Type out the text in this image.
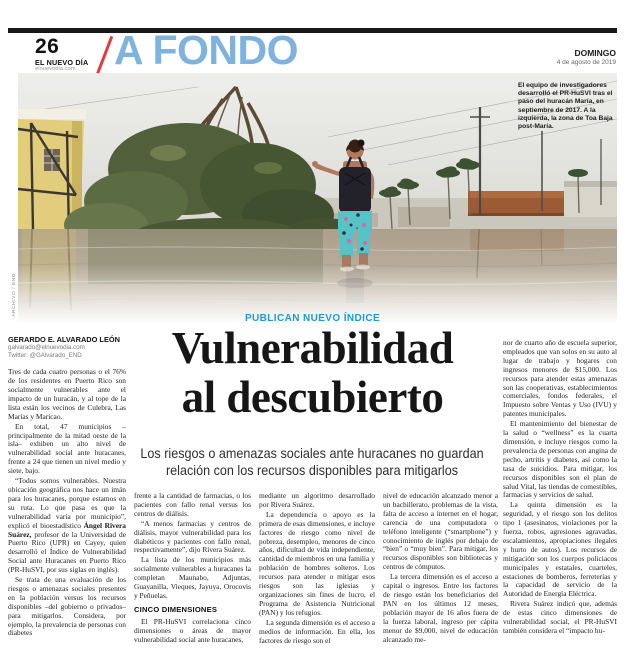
26
EL NUEVO DÍA
elnuevodia.com A FONDO	DOMINGO
4 de agosto de 2019
El equipo de investigadores desarrolló el PR-HuSVI tras el paso del huracán María, en septiembre de 2017. A la izquierda, la zona de Toa Baja post-María.
ARCHIVO / END
PUBLICAN NUEVO ÍNDICE
Vulnerabilidad
al descubierto
Los riesgos o amenazas sociales ante huracanes no guardan relación con los recursos disponibles para mitigarlos
GERARDO E. ALVARADO LEÓN
galvarado@elnuevodia.com
Twitter: @GAlvarado_END

Tres de cada cuatro personas o el 76% de los residentes en Puerto Rico son socialmente vulnerables ante el impacto de un huracán, y al tope de la lista están los vecinos de Culebra, Las Marías y Maricao.

En total, 47 municipios –principalmente de la mitad oeste de la isla– exhiben un alto nivel de vulnerabilidad social ante huracanes, frente a 24 que tienen un nivel medio y siete, bajo.

“Todos somos vulnerables. Nuestra ubicación geográfica nos hace un imán para los huracanes, porque estamos en su ruta. Lo que pasa es que la vulnerabilidad varía por municipio”, explicó el bioestadístico Ángel Rivera Suárez, profesor de la Universidad de Puerto Rico (UPR) en Cayey, quien desarrolló el Índice de Vulnerabilidad Social ante Huracanes en Puerto Rico (PR-HuSVI, por sus siglas en inglés).

Se trata de una evaluación de los riesgos o amenazas sociales presentes en la población versus los recursos disponibles –del gobierno o privados– para mitigarlos. Considera, por ejemplo, la prevalencia de personas con diabetes

frente a la cantidad de farmacias, o los pacientes con fallo renal versus los centros de diálisis.

“A menos farmacias y centros de diálisis, mayor vulnerabilidad para los diabéticos y pacientes con fallo renal, respectivamente”, dijo Rivera Suárez.

La lista de los municipios más socialmente vulnerables a huracanes la completan Maunabo, Adjuntas, Guayanilla, Vieques, Jayuya, Orocovis y Peñuelas.

CINCO DIMENSIONES

El PR-HuSVI correlaciona cinco dimensiones o áreas de mayor vulnerabilidad social ante huracanes,

mediante un algoritmo desarrollado por Rivera Suárez.

La dependencia o apoyo es la primera de esas dimensiones, e incluye factores de riesgo como nivel de pobreza, desempleo, menores de cinco años, dificultad de vida independiente, cantidad de miembros en una familia y población de hombres solteros. Los recursos para atender o mitigar esos riesgos son las iglesias y organizaciones sin fines de lucro, el Programa de Asistencia Nutricional (PAN) y los refugios.

La segunda dimensión es el acceso a medios de información. En ella, los factores de riesgo son el

nivel de educación alcanzado menor a un bachillerato, problemas de la vista, falta de acceso a internet en el hogar, carencia de una computadora o teléfono inteligente (“smartphone”) y conocimiento de inglés por debajo de “bien” o “muy bien”. Para mitigar, los recursos disponibles son bibliotecas y centros de cómputos.

La tercera dimensión es el acceso a capital o ingresos. Entre los factores de riesgo están los beneficiarios del PAN en los últimos 12 meses, población mayor de 16 años fuera de la fuerza laboral, ingreso per cápita menor de $9,000, nivel de educación alcanzado me-

nor de cuarto año de escuela superior, empleados que van solos en su auto al lugar de trabajo y hogares con ingresos menores de $15,000. Los recursos para atender estas amenazas son las cooperativas, establecimientos comerciales, fondos federales, el Impuesto sobre Ventas y Uso (IVU) y patentes municipales.

El mantenimiento del bienestar de la salud o “wellness” es la cuarta dimensión, e incluye riesgos como la prevalencia de personas con angina de pecho, artritis y diabetes, así como la tasa de suicidios. Para mitigar, los recursos disponibles son el plan de salud Vital, las tiendas de comestibles, farmacias y servicios de salud.

La quinta dimensión es la seguridad, y el riesgo son los delitos tipo 1 (asesinatos, violaciones por la fuerza, robos, agresiones agravadas, escalamientos, apropiaciones ilegales y hurto de autos). Los recursos de mitigación son los cuerpos policiacos municipales y estatales, cuarteles, estaciones de bomberos, ferreterías y la capacidad de servicio de la Autoridad de Energía Eléctrica.

Rivera Suárez indicó que, además de estas cinco dimensiones de vulnerabilidad social, el PR-HuSVI también considera el “impacto hu-
